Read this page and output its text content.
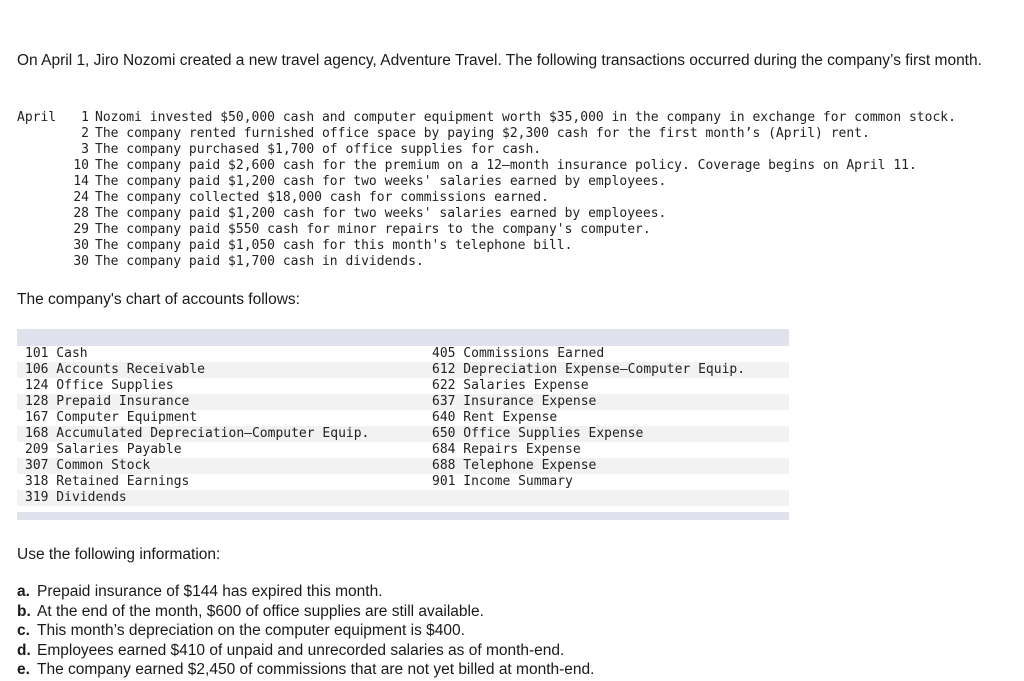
On April 1, Jiro Nozomi created a new travel agency, Adventure Travel. The following transactions occurred during the company’s first month.

April	1 Nozomi invested $50,000 cash and computer equipment worth $35,000 in the company in exchange for common stock.
2 The company rented furnished office space by paying $2,300 cash for the first month’s (April) rent.
3 The company purchased $1,700 of office supplies for cash.
10 The company paid $2,600 cash for the premium on a 12–month insurance policy. Coverage begins on April 11.
14 The company paid $1,200 cash for two weeks' salaries earned by employees.
24 The company collected $18,000 cash for commissions earned.
28 The company paid $1,200 cash for two weeks' salaries earned by employees.
29 The company paid $550 cash for minor repairs to the company's computer.
30 The company paid $1,050 cash for this month's telephone bill.
30 The company paid $1,700 cash in dividends.

The company's chart of accounts follows:

101 Cash	405 Commissions Earned
106 Accounts Receivable	612 Depreciation Expense—Computer Equip.
124 Office Supplies	622 Salaries Expense
128 Prepaid Insurance	637 Insurance Expense
167 Computer Equipment	640 Rent Expense
168 Accumulated Depreciation—Computer Equip.	650 Office Supplies Expense
209 Salaries Payable	684 Repairs Expense
307 Common Stock	688 Telephone Expense
318 Retained Earnings	901 Income Summary
319 Dividends

Use the following information:

a. Prepaid insurance of $144 has expired this month.
b. At the end of the month, $600 of office supplies are still available.
c. This month’s depreciation on the computer equipment is $400.
d. Employees earned $410 of unpaid and unrecorded salaries as of month-end.
e. The company earned $2,450 of commissions that are not yet billed at month-end.
